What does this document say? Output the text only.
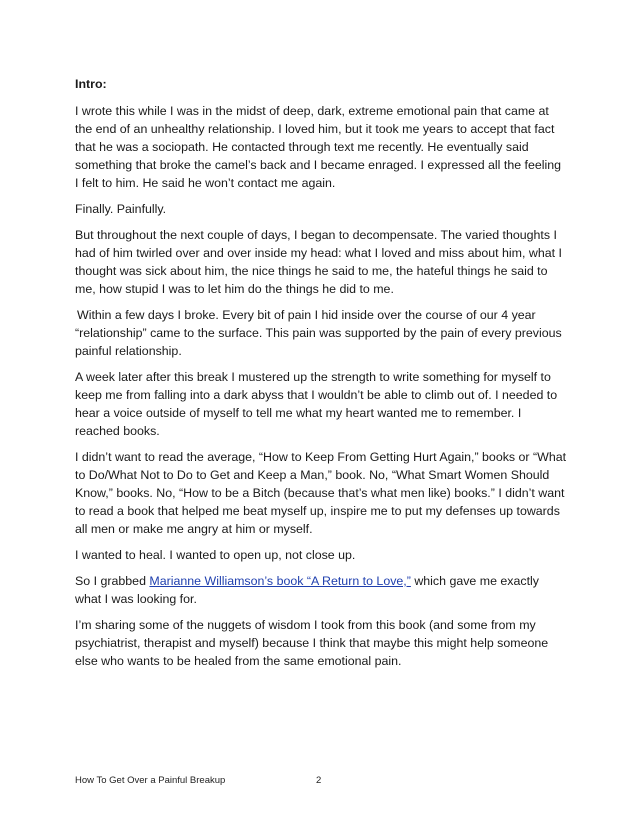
Intro:

I wrote this while I was in the midst of deep, dark, extreme emotional pain that came at the end of an unhealthy relationship. I loved him, but it took me years to accept that fact that he was a sociopath. He contacted through text me recently. He eventually said something that broke the camel’s back and I became enraged. I expressed all the feeling I felt to him. He said he won’t contact me again.

Finally. Painfully.

But throughout the next couple of days, I began to decompensate. The varied thoughts I had of him twirled over and over inside my head: what I loved and miss about him, what I thought was sick about him, the nice things he said to me, the hateful things he said to me, how stupid I was to let him do the things he did to me.

Within a few days I broke. Every bit of pain I hid inside over the course of our 4 year “relationship” came to the surface. This pain was supported by the pain of every previous painful relationship.

A week later after this break I mustered up the strength to write something for myself to keep me from falling into a dark abyss that I wouldn’t be able to climb out of. I needed to hear a voice outside of myself to tell me what my heart wanted me to remember. I reached books.

I didn’t want to read the average, “How to Keep From Getting Hurt Again,” books or “What to Do/What Not to Do to Get and Keep a Man,” book. No, “What Smart Women Should Know,” books. No, “How to be a Bitch (because that’s what men like) books.” I didn’t want to read a book that helped me beat myself up, inspire me to put my defenses up towards all men or make me angry at him or myself.

I wanted to heal. I wanted to open up, not close up.

So I grabbed Marianne Williamson’s book “A Return to Love,” which gave me exactly what I was looking for.

I’m sharing some of the nuggets of wisdom I took from this book (and some from my psychiatrist, therapist and myself) because I think that maybe this might help someone else who wants to be healed from the same emotional pain.

How To Get Over a Painful Breakup	2
